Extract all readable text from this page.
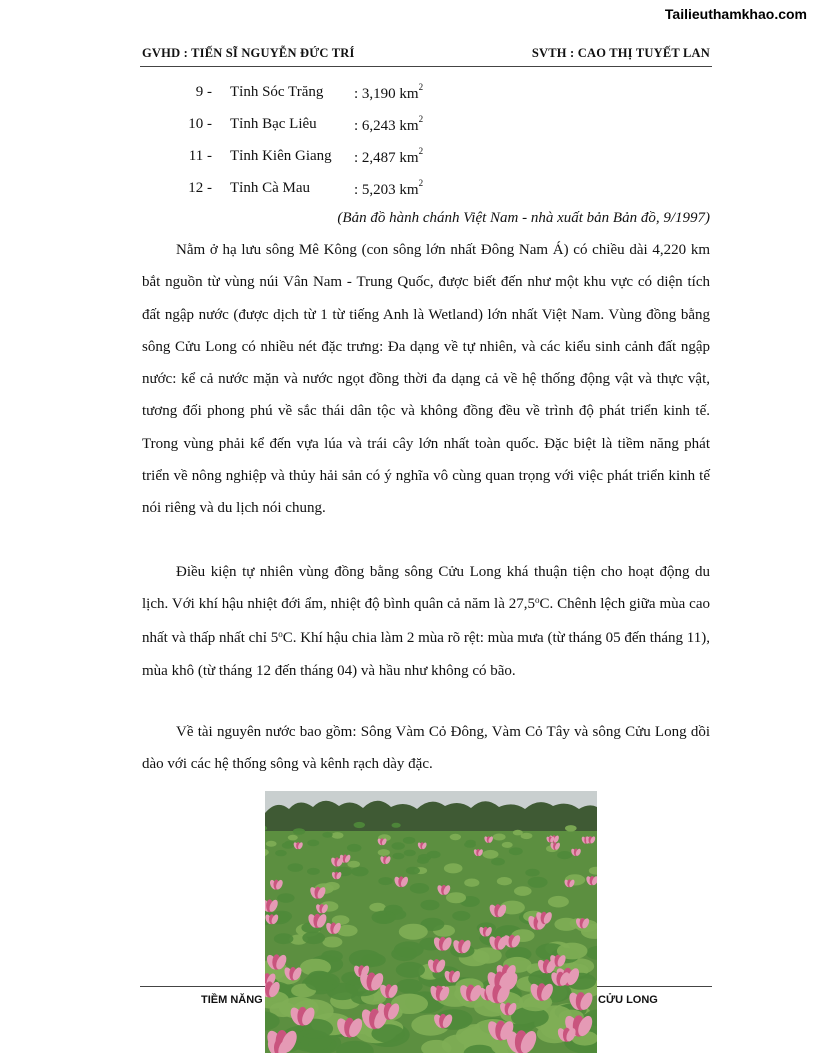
Tailieuthamkhao.com
GVHD : TIẾN SĨ NGUYỄN ĐỨC TRÍ	SVTH : CAO THỊ TUYẾT LAN
9 - Tỉnh Sóc Trăng : 3,190 $km^2$
10 - Tỉnh Bạc Liêu : 6,243 $km^2$
11 - Tỉnh Kiên Giang : 2,487 $km^2$
12 - Tỉnh Cà Mau	: 5,203 $km^2$
(Bản đồ hành chánh Việt Nam - nhà xuất bản Bản đồ, 9/1997)

Nằm ở hạ lưu sông Mê Kông (con sông lớn nhất Đông Nam Á) có chiều dài 4,220 km bắt nguồn từ vùng núi Vân Nam - Trung Quốc, được biết đến như một khu vực có diện tích đất ngập nước (được dịch từ 1 từ tiếng Anh là Wetland) lớn nhất Việt Nam. Vùng đồng bằng sông Cửu Long có nhiều nét đặc trưng: Đa dạng về tự nhiên, và các kiểu sinh cảnh đất ngập nước: kể cả nước mặn và nước ngọt đồng thời đa dạng cả về hệ thống động vật và thực vật, tương đối phong phú về sắc thái dân tộc và không đồng đều về trình độ phát triển kinh tế. Trong vùng phải kể đến vựa lúa và trái cây lớn nhất toàn quốc. Đặc biệt là tiềm năng phát triển về nông nghiệp và thủy hải sản có ý nghĩa vô cùng quan trọng với việc phát triển kinh tế nói riêng và du lịch nói chung.

Điều kiện tự nhiên vùng đồng bằng sông Cửu Long khá thuận tiện cho hoạt động du lịch. Với khí hậu nhiệt đới ẩm, nhiệt độ bình quân cả năm là 27,5$^o$C. Chênh lệch giữa mùa cao nhất và thấp nhất chỉ 5$^o$C. Khí hậu chia làm 2 mùa rõ rệt: mùa mưa (từ tháng 05 đến tháng 11), mùa khô (từ tháng 12 đến tháng 04) và hầu như không có bão.

Về tài nguyên nước bao gồm: Sông Vàm Cỏ Đông, Vàm Cỏ Tây và sông Cửu Long dồi dào với các hệ thống sông và kênh rạch dày đặc.

TIỀM NĂNG	CỬU LONG
